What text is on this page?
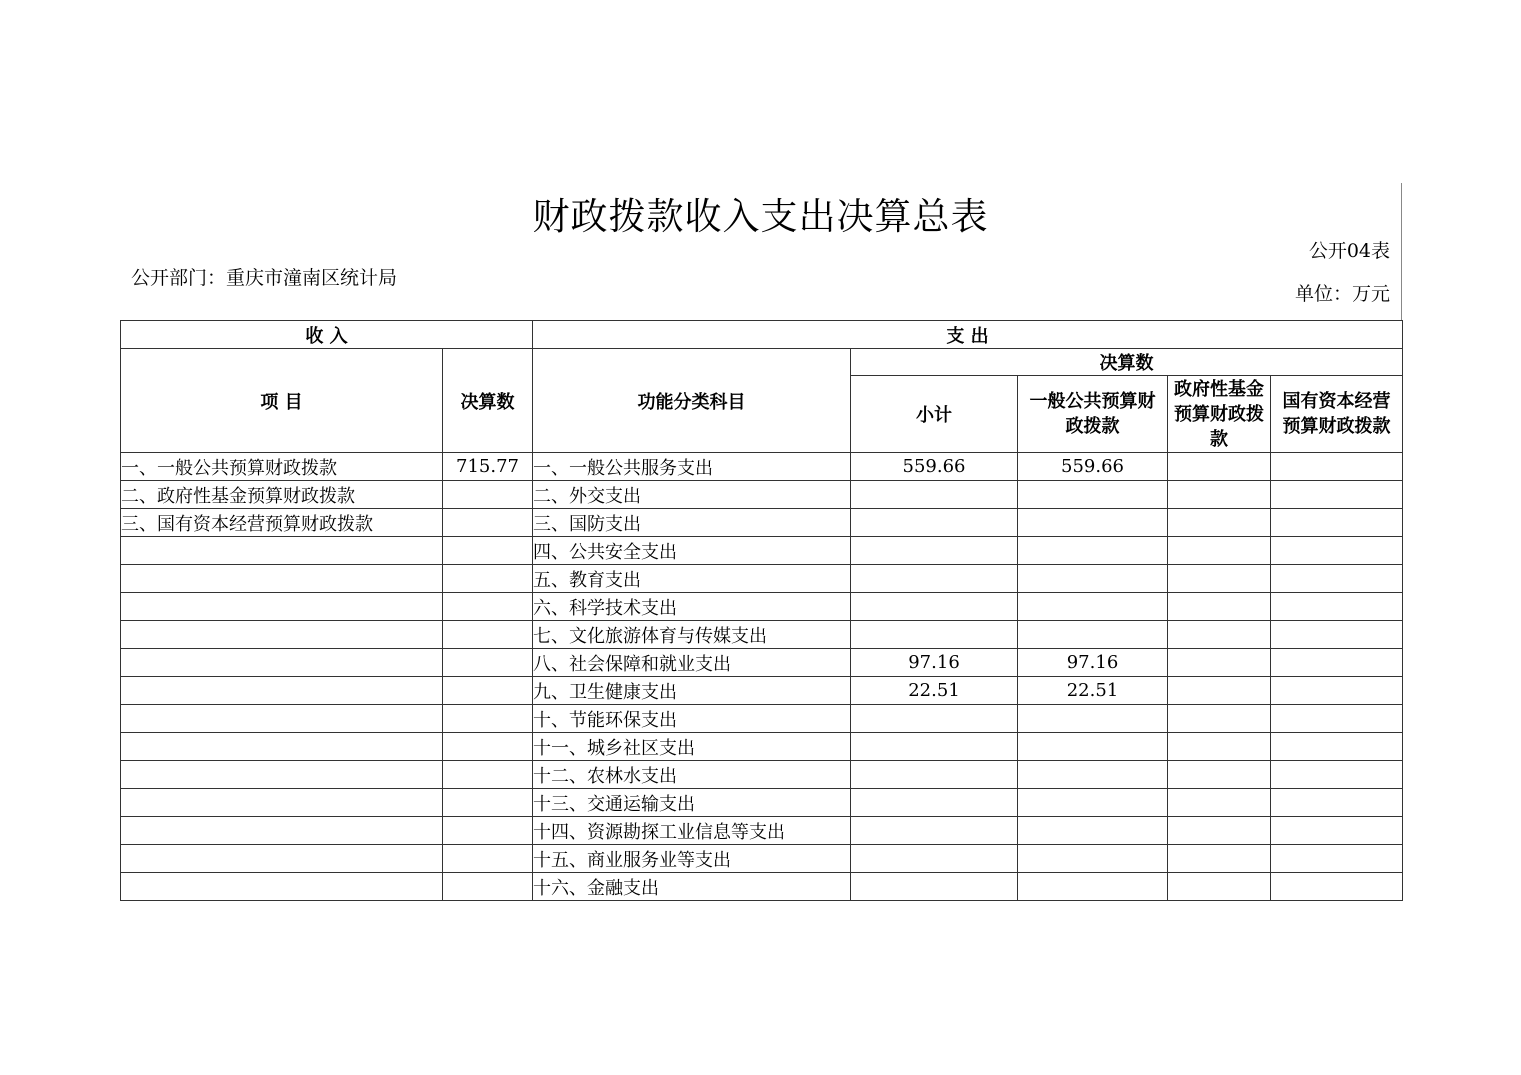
财政拨款收入支出决算总表
公开04表
公开部门：重庆市潼南区统计局
单位：万元
收 入		支 出				
项 目	决算数	功能分类科目	决算数			
			小计	一般公共预算财政拨款	政府性基金预算财政拨款	国有资本经营预算财政拨款
一、一般公共预算财政拨款	715.77	一、一般公共服务支出	559.66	559.66		
二、政府性基金预算财政拨款		二、外交支出				
三、国有资本经营预算财政拨款		三、国防支出				
		四、公共安全支出				
		五、教育支出				
		六、科学技术支出				
		七、文化旅游体育与传媒支出				
		八、社会保障和就业支出	97.16	97.16		
		九、卫生健康支出	22.51	22.51		
		十、节能环保支出				
		十一、城乡社区支出				
		十二、农林水支出				
		十三、交通运输支出				
		十四、资源勘探工业信息等支出				
		十五、商业服务业等支出				
		十六、金融支出				
